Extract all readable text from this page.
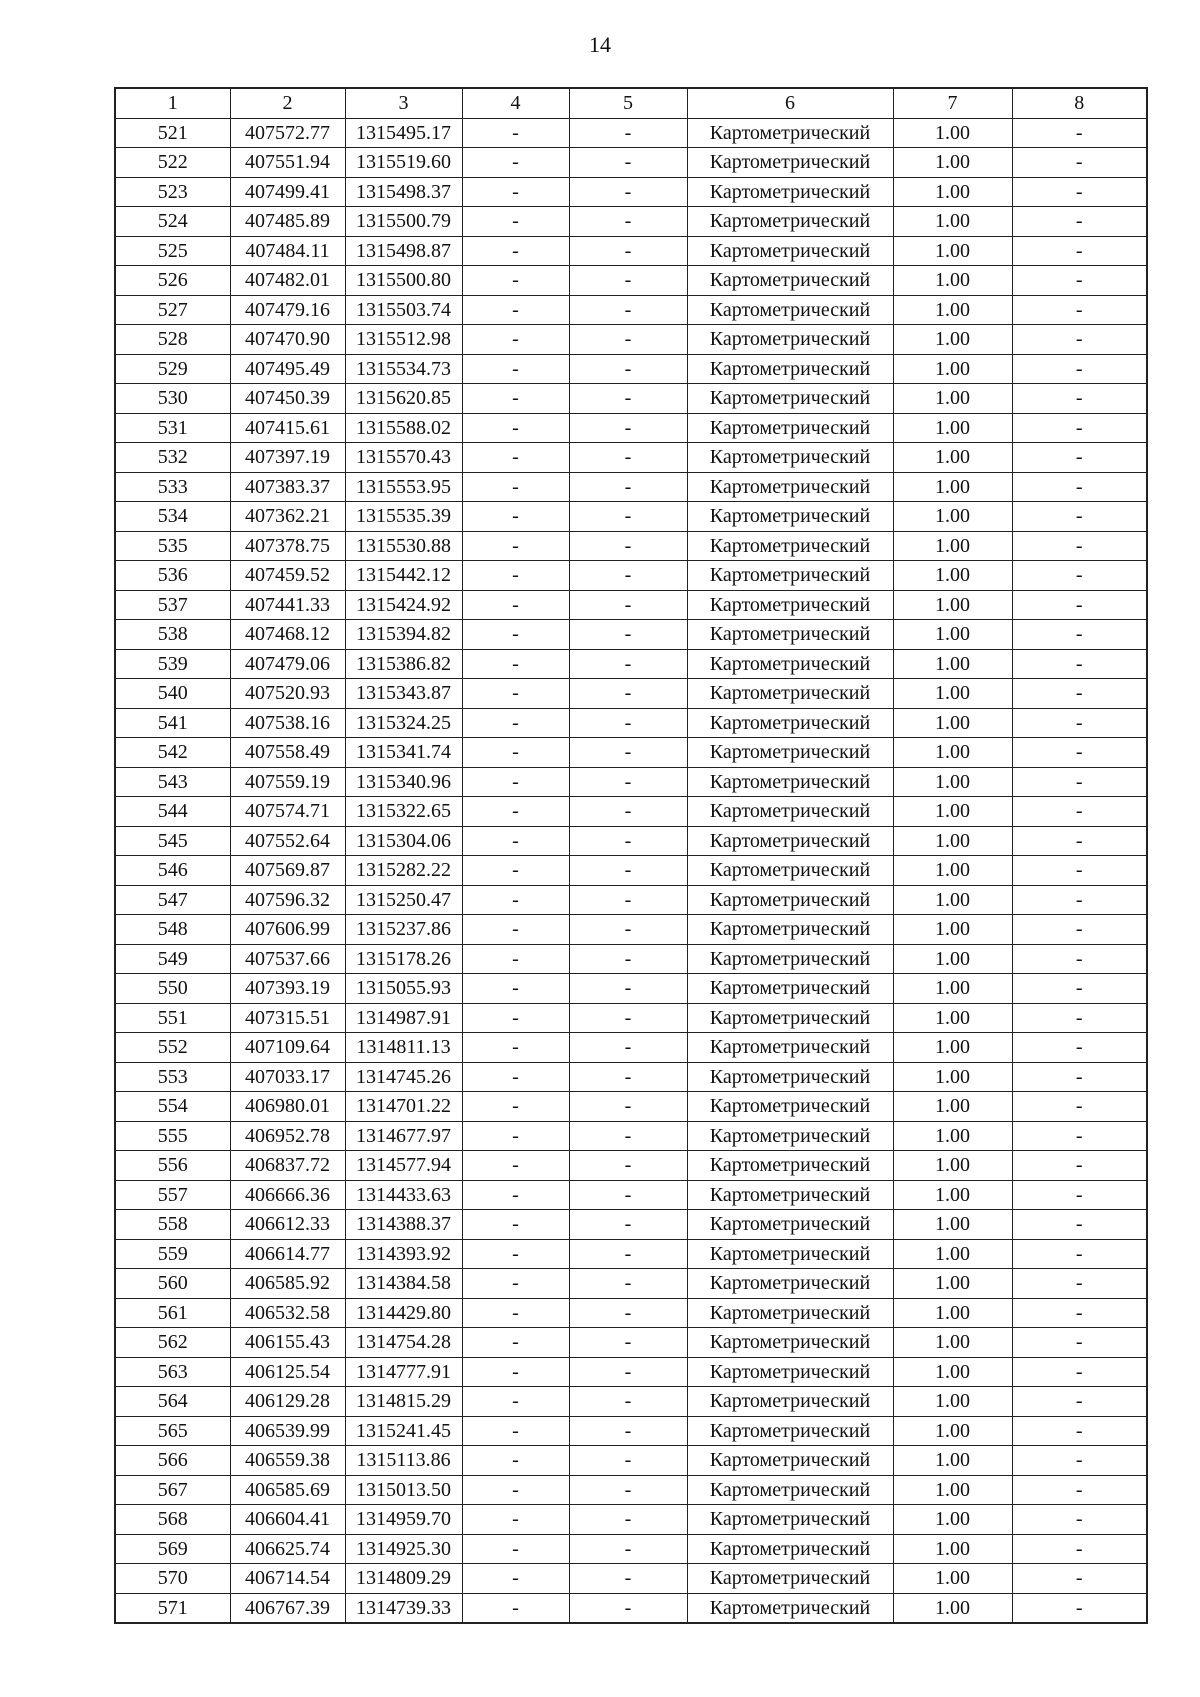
14
1	2	3	4	5	6	7	8
521	407572.77	1315495.17	-	-	Картометрический	1.00	-
522	407551.94	1315519.60	-	-	Картометрический	1.00	-
523	407499.41	1315498.37	-	-	Картометрический	1.00	-
524	407485.89	1315500.79	-	-	Картометрический	1.00	-
525	407484.11	1315498.87	-	-	Картометрический	1.00	-
526	407482.01	1315500.80	-	-	Картометрический	1.00	-
527	407479.16	1315503.74	-	-	Картометрический	1.00	-
528	407470.90	1315512.98	-	-	Картометрический	1.00	-
529	407495.49	1315534.73	-	-	Картометрический	1.00	-
530	407450.39	1315620.85	-	-	Картометрический	1.00	-
531	407415.61	1315588.02	-	-	Картометрический	1.00	-
532	407397.19	1315570.43	-	-	Картометрический	1.00	-
533	407383.37	1315553.95	-	-	Картометрический	1.00	-
534	407362.21	1315535.39	-	-	Картометрический	1.00	-
535	407378.75	1315530.88	-	-	Картометрический	1.00	-
536	407459.52	1315442.12	-	-	Картометрический	1.00	-
537	407441.33	1315424.92	-	-	Картометрический	1.00	-
538	407468.12	1315394.82	-	-	Картометрический	1.00	-
539	407479.06	1315386.82	-	-	Картометрический	1.00	-
540	407520.93	1315343.87	-	-	Картометрический	1.00	-
541	407538.16	1315324.25	-	-	Картометрический	1.00	-
542	407558.49	1315341.74	-	-	Картометрический	1.00	-
543	407559.19	1315340.96	-	-	Картометрический	1.00	-
544	407574.71	1315322.65	-	-	Картометрический	1.00	-
545	407552.64	1315304.06	-	-	Картометрический	1.00	-
546	407569.87	1315282.22	-	-	Картометрический	1.00	-
547	407596.32	1315250.47	-	-	Картометрический	1.00	-
548	407606.99	1315237.86	-	-	Картометрический	1.00	-
549	407537.66	1315178.26	-	-	Картометрический	1.00	-
550	407393.19	1315055.93	-	-	Картометрический	1.00	-
551	407315.51	1314987.91	-	-	Картометрический	1.00	-
552	407109.64	1314811.13	-	-	Картометрический	1.00	-
553	407033.17	1314745.26	-	-	Картометрический	1.00	-
554	406980.01	1314701.22	-	-	Картометрический	1.00	-
555	406952.78	1314677.97	-	-	Картометрический	1.00	-
556	406837.72	1314577.94	-	-	Картометрический	1.00	-
557	406666.36	1314433.63	-	-	Картометрический	1.00	-
558	406612.33	1314388.37	-	-	Картометрический	1.00	-
559	406614.77	1314393.92	-	-	Картометрический	1.00	-
560	406585.92	1314384.58	-	-	Картометрический	1.00	-
561	406532.58	1314429.80	-	-	Картометрический	1.00	-
562	406155.43	1314754.28	-	-	Картометрический	1.00	-
563	406125.54	1314777.91	-	-	Картометрический	1.00	-
564	406129.28	1314815.29	-	-	Картометрический	1.00	-
565	406539.99	1315241.45	-	-	Картометрический	1.00	-
566	406559.38	1315113.86	-	-	Картометрический	1.00	-
567	406585.69	1315013.50	-	-	Картометрический	1.00	-
568	406604.41	1314959.70	-	-	Картометрический	1.00	-
569	406625.74	1314925.30	-	-	Картометрический	1.00	-
570	406714.54	1314809.29	-	-	Картометрический	1.00	-
571	406767.39	1314739.33	-	-	Картометрический	1.00	-
